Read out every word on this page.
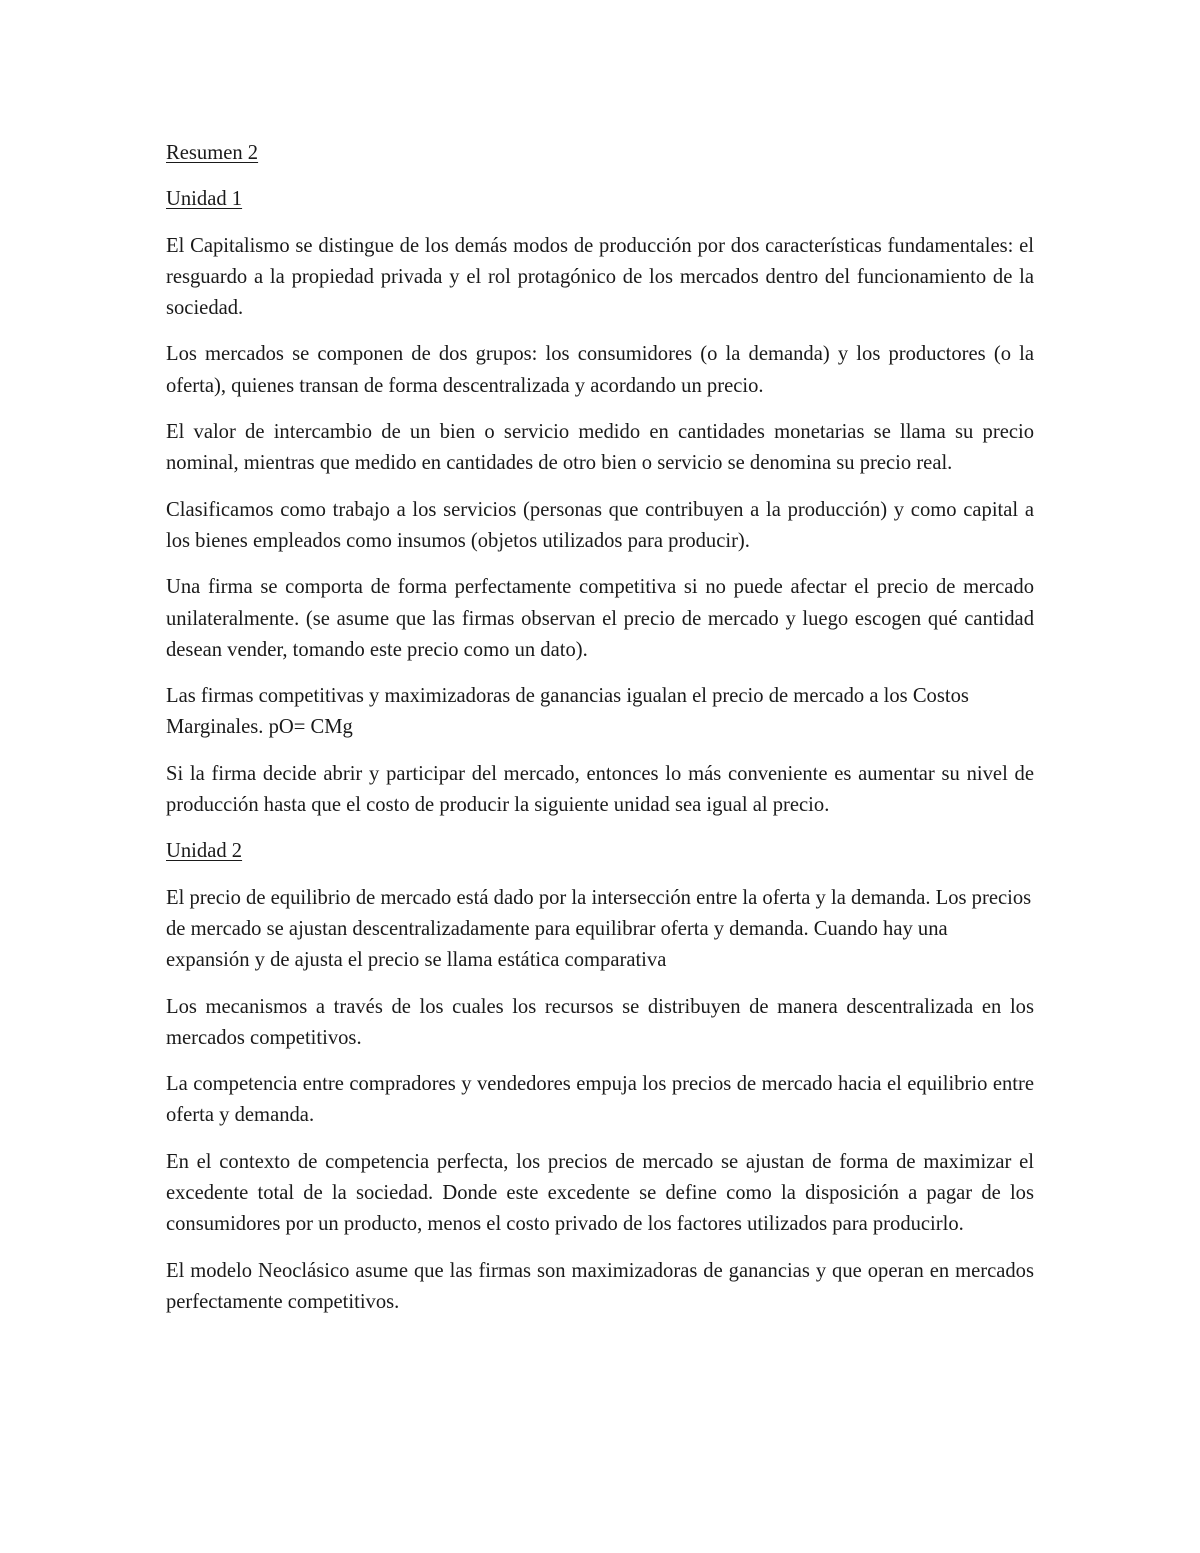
Resumen 2
Unidad 1

El Capitalismo se distingue de los demás modos de producción por dos características fundamentales: el resguardo a la propiedad privada y el rol protagónico de los mercados dentro del funcionamiento de la sociedad.

Los mercados se componen de dos grupos: los consumidores (o la demanda) y los productores (o la oferta), quienes transan de forma descentralizada y acordando un precio.

El valor de intercambio de un bien o servicio medido en cantidades monetarias se llama su precio nominal, mientras que medido en cantidades de otro bien o servicio se denomina su precio real.

Clasificamos como trabajo a los servicios (personas que contribuyen a la producción) y como capital a los bienes empleados como insumos (objetos utilizados para producir).

Una firma se comporta de forma perfectamente competitiva si no puede afectar el precio de mercado unilateralmente. (se asume que las firmas observan el precio de mercado y luego escogen qué cantidad desean vender, tomando este precio como un dato).

Las firmas competitivas y maximizadoras de ganancias igualan el precio de mercado a los Costos Marginales. pO= CMg

Si la firma decide abrir y participar del mercado, entonces lo más conveniente es aumentar su nivel de producción hasta que el costo de producir la siguiente unidad sea igual al precio.

Unidad 2

El precio de equilibrio de mercado está dado por la intersección entre la oferta y la demanda. Los precios de mercado se ajustan descentralizadamente para equilibrar oferta y demanda. Cuando hay una expansión y de ajusta el precio se llama estática comparativa

Los mecanismos a través de los cuales los recursos se distribuyen de manera descentralizada en los mercados competitivos.

La competencia entre compradores y vendedores empuja los precios de mercado hacia el equilibrio entre oferta y demanda.

En el contexto de competencia perfecta, los precios de mercado se ajustan de forma de maximizar el excedente total de la sociedad. Donde este excedente se define como la disposición a pagar de los consumidores por un producto, menos el costo privado de los factores utilizados para producirlo.

El modelo Neoclásico asume que las firmas son maximizadoras de ganancias y que operan en mercados perfectamente competitivos.
